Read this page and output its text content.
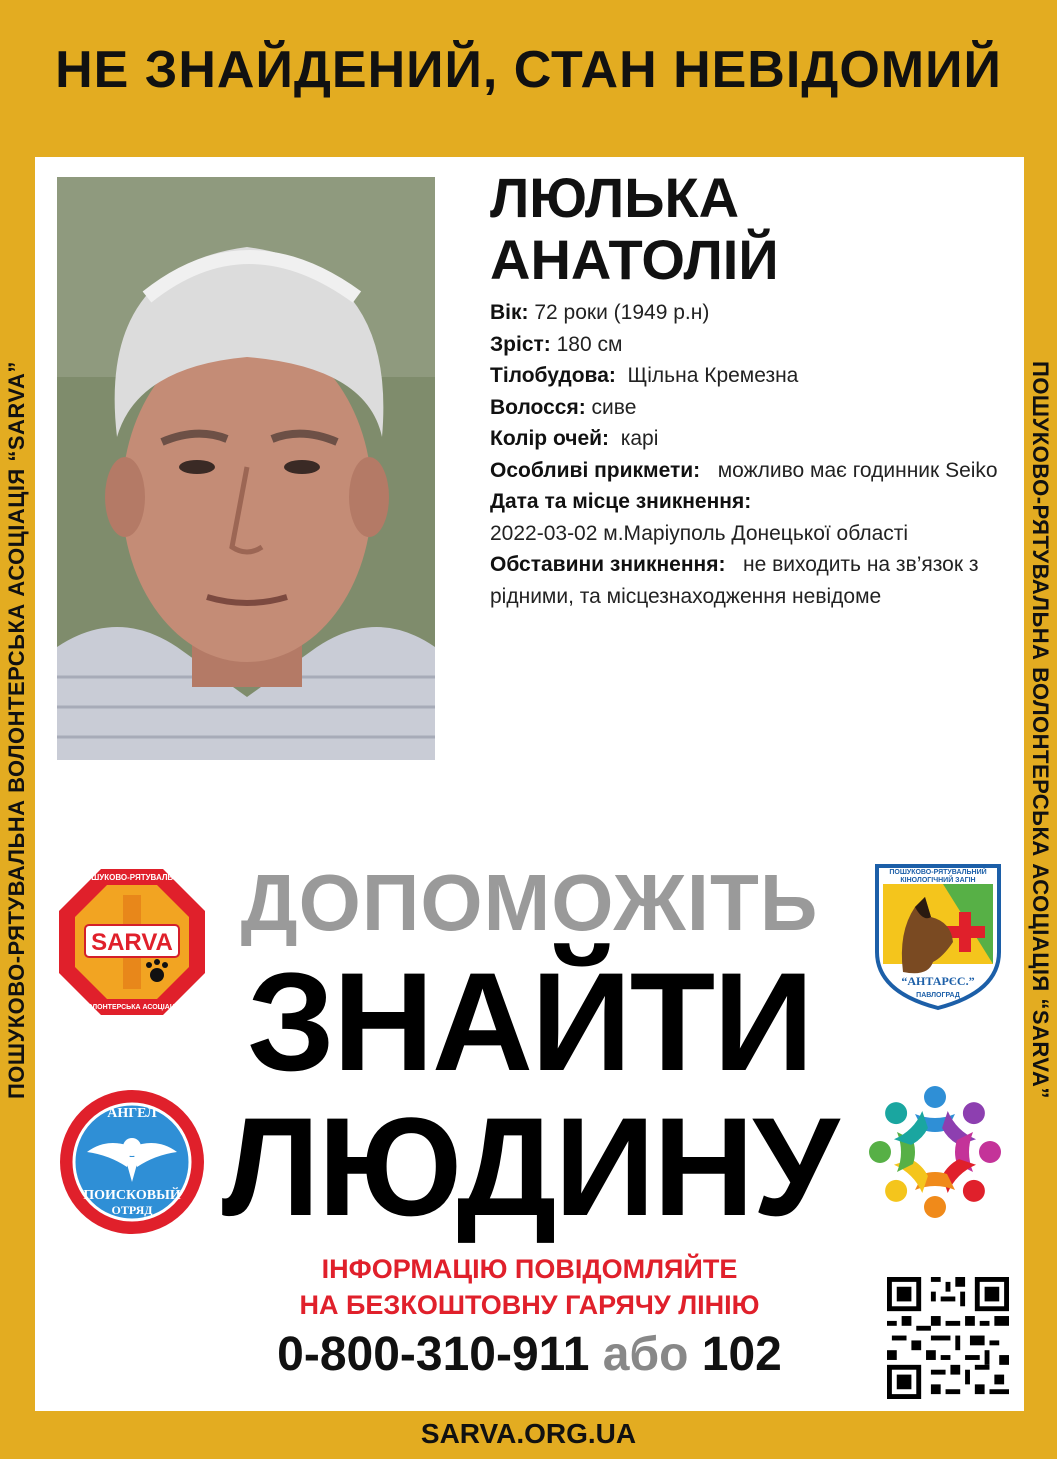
НЕ ЗНАЙДЕНИЙ, СТАН НЕВІДОМИЙ
ПОШУКОВО-РЯТУВАЛЬНА ВОЛОНТЕРСЬКА АСОЦІАЦІЯ “SARVA”	ПОШУКОВО-РЯТУВАЛЬНА ВОЛОНТЕРСЬКА АСОЦІАЦІЯ “SARVA”
ЛЮЛЬКА
АНАТОЛІЙ

Вік: 72 роки (1949 р.н)

Зріст: 180 см

Тілобудова: Щільна Кремезна

Волосся: сиве

Колір очей: карі

Особливі прикмети: можливо має годинник Seiko

Дата та місце зникнення:

2022-03-02 м.Маріуполь Донецької області

Обставини зникнення: не виходить на зв’язок з рідними, та місцезнаходження невідоме

ДОПОМОЖІТЬ
ЗНАЙТИ
ЛЮДИНУ
SARVA
ПОШУКОВО-РЯТУВАЛЬНА
ВОЛОНТЕРСЬКА АСОЦІАЦІЯ
АНГЕЛ
ПОИСКОВЫЙ
ОТРЯД
ПОШУКОВО-РЯТУВАЛЬНИЙ
КІНОЛОГІЧНИЙ ЗАГІН
“АНТАРЄС.”
ПАВЛОГРАД
ІНФОРМАЦІЮ ПОВІДОМЛЯЙТЕ
НА БЕЗКОШТОВНУ ГАРЯЧУ ЛІНІЮ
0-800-310-911 або 102
SARVA.ORG.UA
